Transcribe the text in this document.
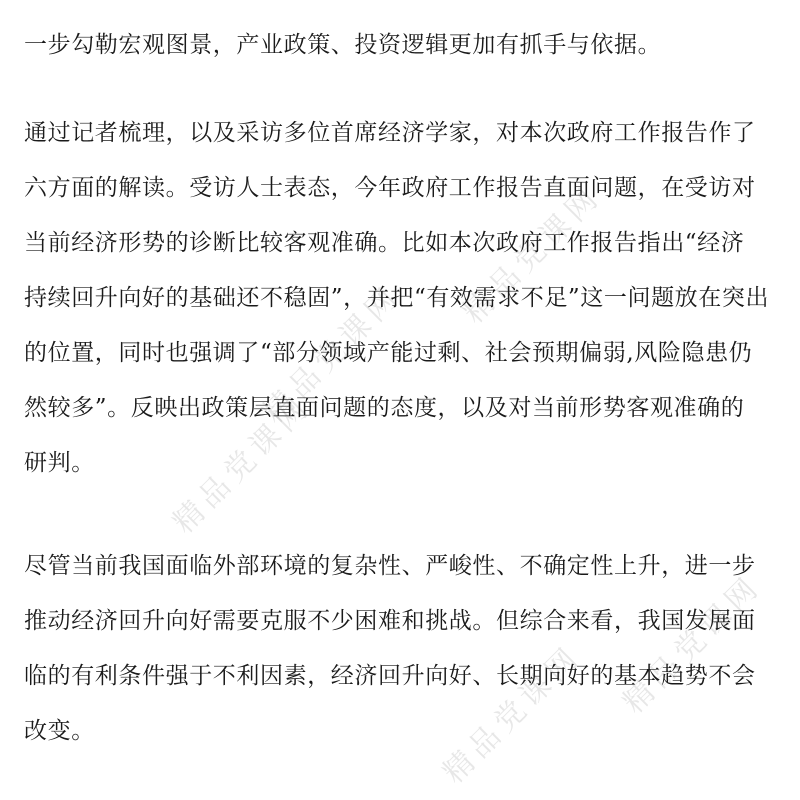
精品党课网
精品党课网
精品党课网 精品党课网
精品党课网
一步勾勒宏观图景，产业政策、投资逻辑更加有抓手与依据。
通过记者梳理，以及采访多位首席经济学家，对本次政府工作报告作了
六方面的解读。受访人士表态，今年政府工作报告直面问题，在受访对
当前经济形势的诊断比较客观准确。比如本次政府工作报告指出“经济
持续回升向好的基础还不稳固”，并把“有效需求不足”这一问题放在突出
的位置，同时也强调了“部分领域产能过剩、社会预期偏弱,风险隐患仍
然较多”。反映出政策层直面问题的态度，以及对当前形势客观准确的
研判。
尽管当前我国面临外部环境的复杂性、严峻性、不确定性上升，进一步
推动经济回升向好需要克服不少困难和挑战。但综合来看，我国发展面
临的有利条件强于不利因素，经济回升向好、长期向好的基本趋势不会
改变。
